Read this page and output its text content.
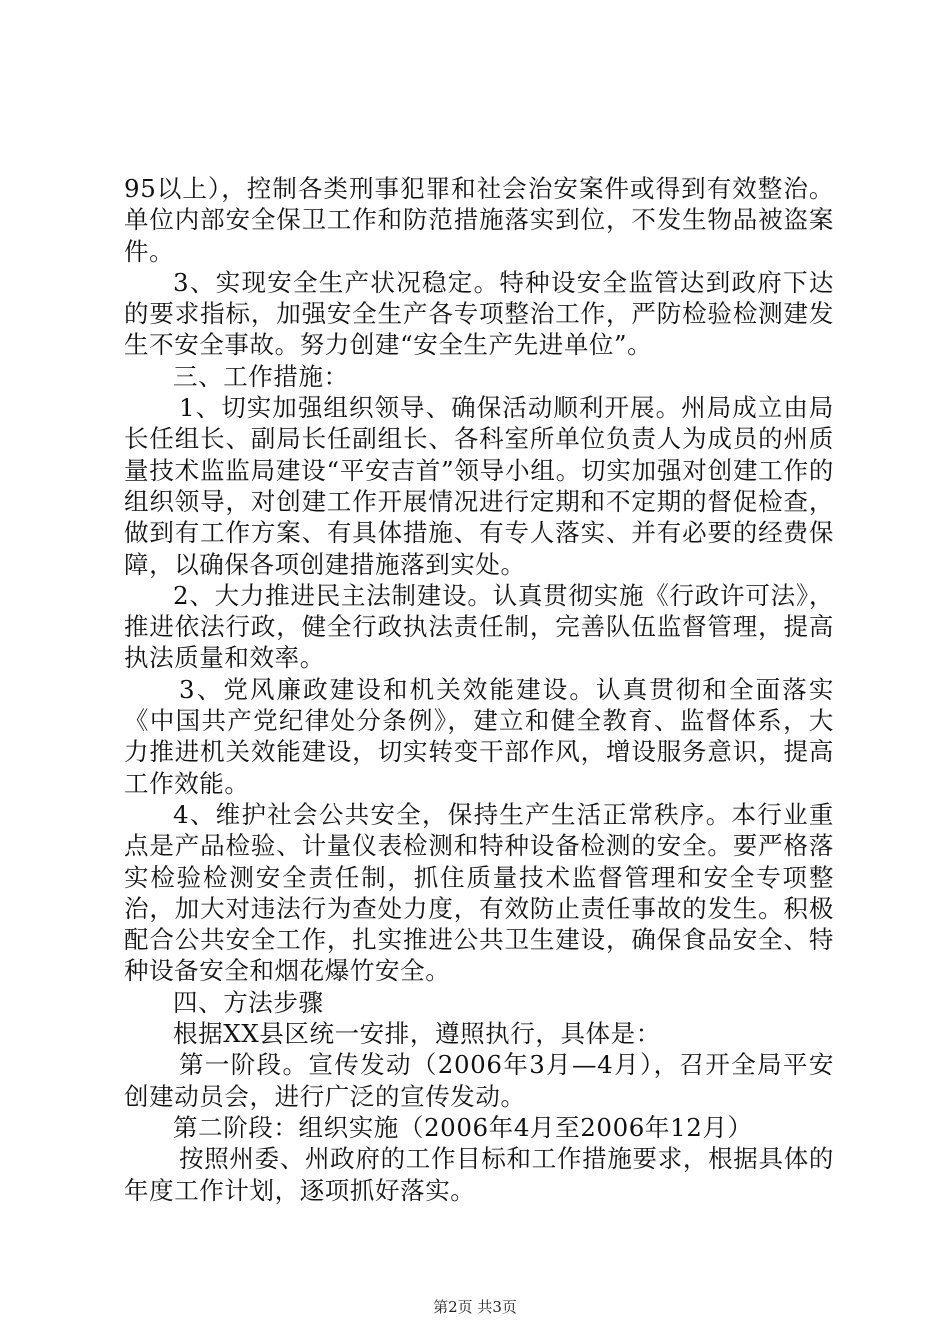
95以上），控制各类刑事犯罪和社会治安案件或得到有效整治。单位内部安全保卫工作和防范措施落实到位，不发生物品被盗案件。

3、实现安全生产状况稳定。特种设安全监管达到政府下达的要求指标，加强安全生产各专项整治工作，严防检验检测建发生不安全事故。努力创建“安全生产先进单位”。

三、工作措施：

1、切实加强组织领导、确保活动顺利开展。州局成立由局长任组长、副局长任副组长、各科室所单位负责人为成员的州质量技术监监局建设“平安吉首”领导小组。切实加强对创建工作的组织领导，对创建工作开展情况进行定期和不定期的督促检查，做到有工作方案、有具体措施、有专人落实、并有必要的经费保障，以确保各项创建措施落到实处。

2、大力推进民主法制建设。认真贯彻实施《行政许可法》，推进依法行政，健全行政执法责任制，完善队伍监督管理，提高执法质量和效率。

3、党风廉政建设和机关效能建设。认真贯彻和全面落实《中国共产党纪律处分条例》，建立和健全教育、监督体系，大力推进机关效能建设，切实转变干部作风，增设服务意识，提高工作效能。

4、维护社会公共安全，保持生产生活正常秩序。本行业重点是产品检验、计量仪表检测和特种设备检测的安全。要严格落实检验检测安全责任制，抓住质量技术监督管理和安全专项整治，加大对违法行为查处力度，有效防止责任事故的发生。积极配合公共安全工作，扎实推进公共卫生建设，确保食品安全、特种设备安全和烟花爆竹安全。

四、方法步骤

根据XX县区统一安排，遵照执行，具体是：

第一阶段。宣传发动（2006年3月—4月），召开全局平安创建动员会，进行广泛的宣传发动。

第二阶段：组织实施（2006年4月至2006年12月）

按照州委、州政府的工作目标和工作措施要求，根据具体的年度工作计划，逐项抓好落实。

第2页 共3页
